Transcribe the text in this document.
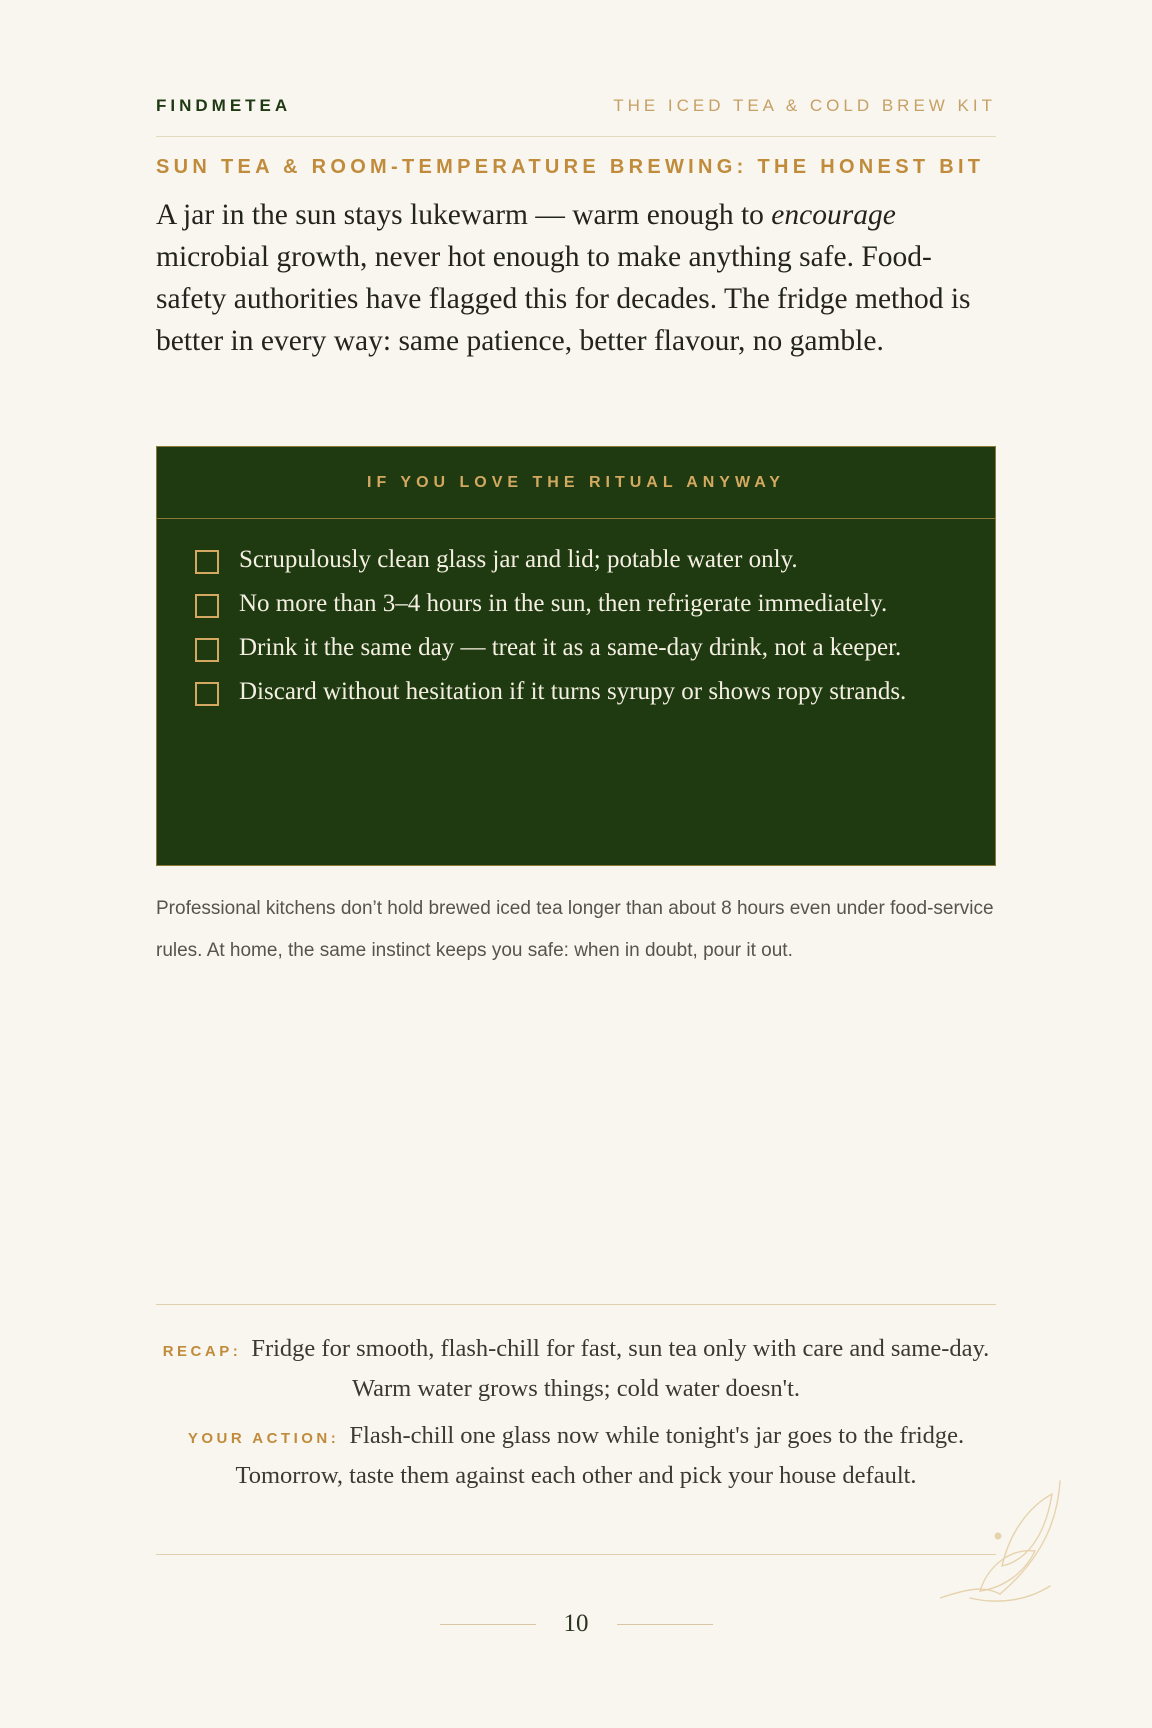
FINDMETEA	THE ICED TEA & COLD BREW KIT
SUN TEA & ROOM-TEMPERATURE BREWING: THE HONEST BIT

A jar in the sun stays lukewarm — warm enough to encourage microbial growth, never hot enough to make anything safe. Food-safety authorities have flagged this for decades. The fridge method is better in every way: same patience, better flavour, no gamble.

IF YOU LOVE THE RITUAL ANYWAY
Scrupulously clean glass jar and lid; potable water only.
No more than 3–4 hours in the sun, then refrigerate immediately.
Drink it the same day — treat it as a same-day drink, not a keeper.
Discard without hesitation if it turns syrupy or shows ropy strands.

Professional kitchens don’t hold brewed iced tea longer than about 8 hours even under food-service rules. At home, the same instinct keeps you safe: when in doubt, pour it out.

RECAP: Fridge for smooth, flash-chill for fast, sun tea only with care and same-day. Warm water grows things; cold water doesn't.

YOUR ACTION: Flash-chill one glass now while tonight's jar goes to the fridge. Tomorrow, taste them against each other and pick your house default.

10
